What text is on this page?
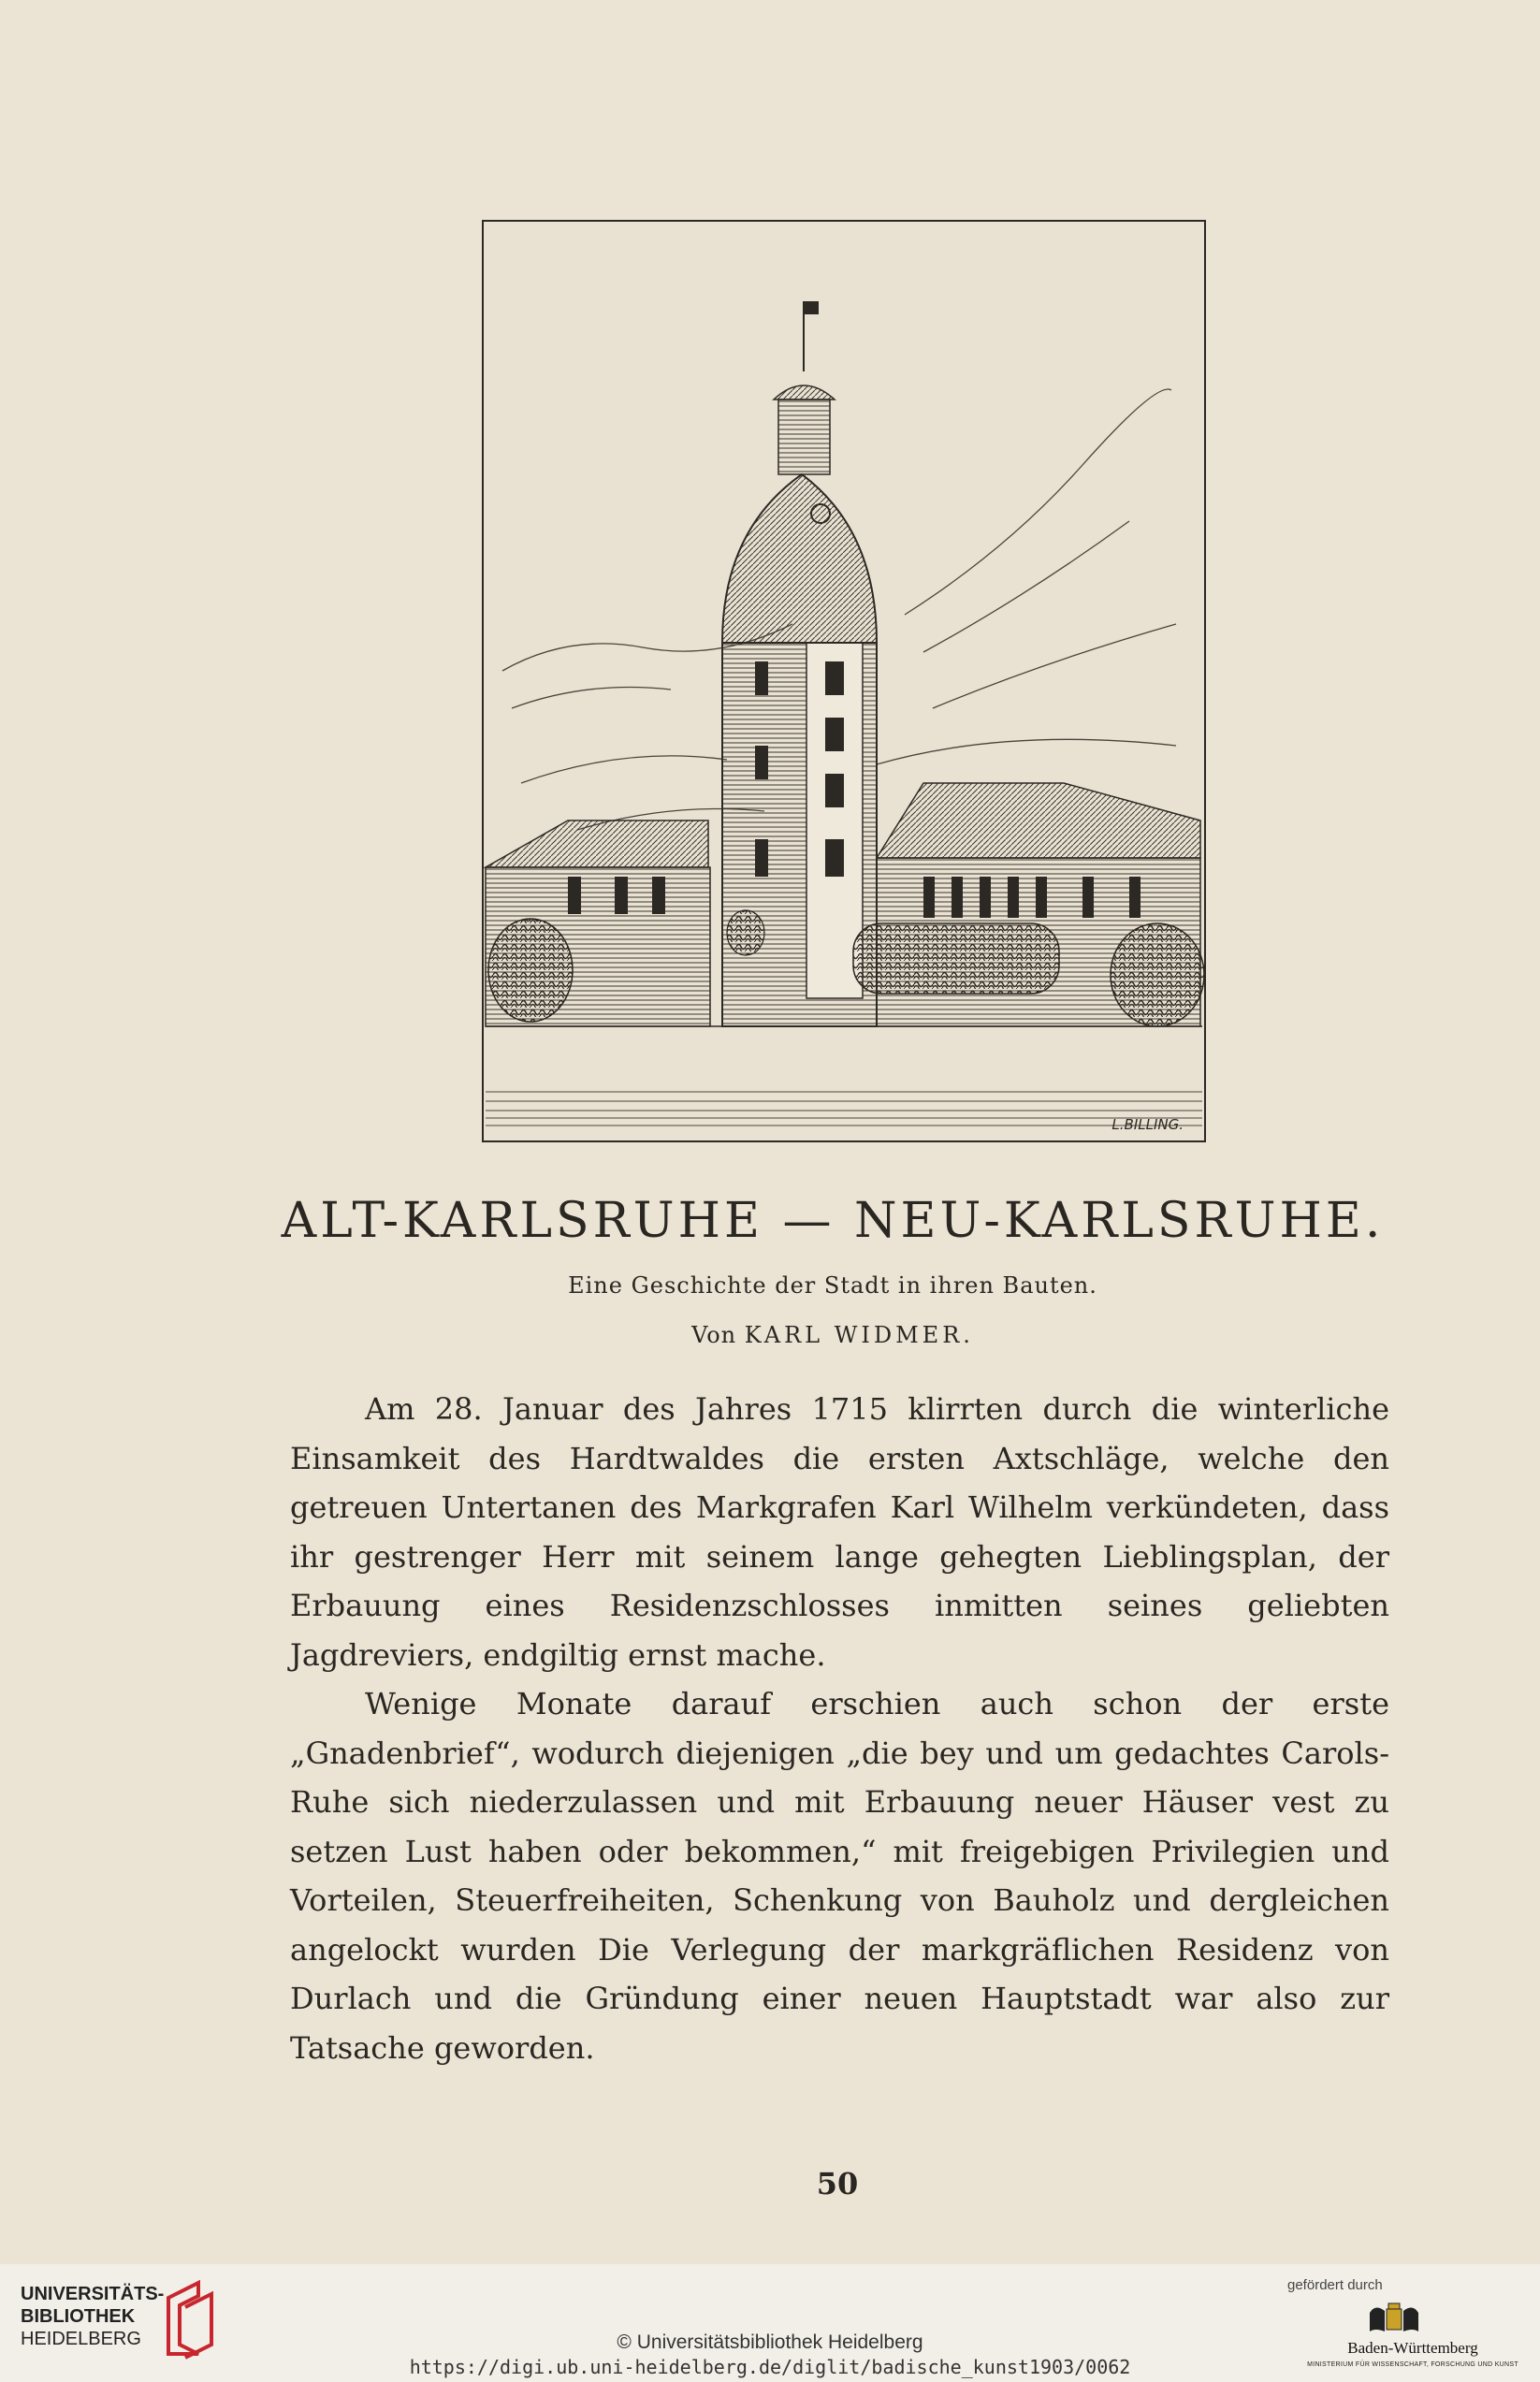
L.BILLING.
ALT-KARLSRUHE — NEU-KARLSRUHE.
Eine Geschichte der Stadt in ihren Bauten.
Von KARL WIDMER.

Am 28. Januar des Jahres 1715 klirrten durch die winterliche Einsamkeit des Hardtwaldes die ersten Axtschläge, welche den getreuen Untertanen des Markgrafen Karl Wilhelm verkündeten, dass ihr gestrenger Herr mit seinem lange gehegten Lieblingsplan, der Erbauung eines Residenzschlosses inmitten seines geliebten Jagdreviers, endgiltig ernst mache.

Wenige Monate darauf erschien auch schon der erste „Gnadenbrief“, wodurch diejenigen „die bey und um gedachtes Carols-Ruhe sich niederzulassen und mit Erbauung neuer Häuser vest zu setzen Lust haben oder bekommen,“ mit freigebigen Privilegien und Vorteilen, Steuerfreiheiten, Schenkung von Bauholz und dergleichen angelockt wurden Die Verlegung der markgräflichen Residenz von Durlach und die Gründung einer neuen Hauptstadt war also zur Tatsache geworden.

50
UNIVERSITÄTS-
BIBLIOTHEK
HEIDELBERG	© Universitätsbibliothek Heidelberg
https://digi.ub.uni-heidelberg.de/diglit/badische_kunst1903/0062
gefördert durch
Baden-Württemberg
MINISTERIUM FÜR WISSENSCHAFT, FORSCHUNG UND KUNST
